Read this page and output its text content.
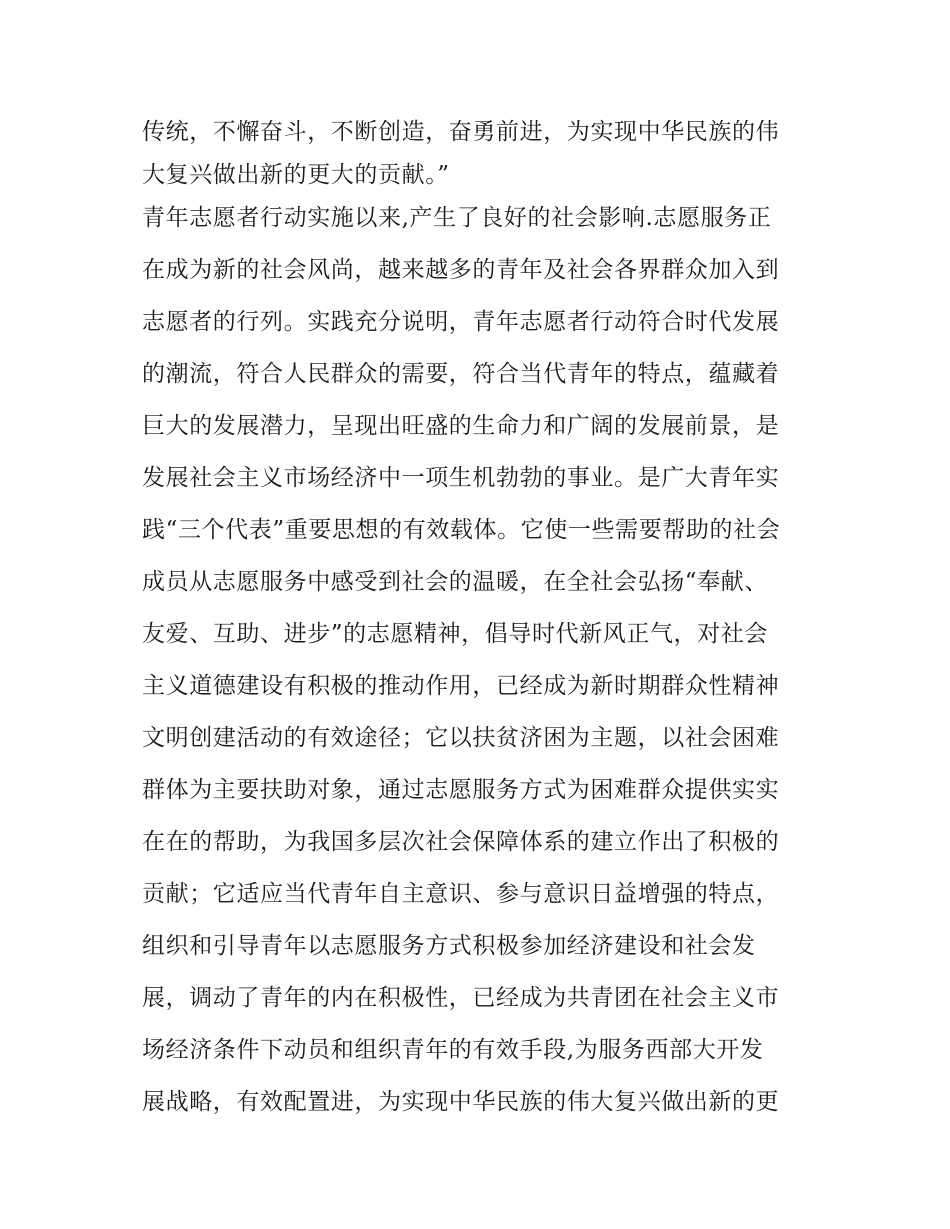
传统，不懈奋斗，不断创造，奋勇前进，为实现中华民族的伟
大复兴做出新的更大的贡献。”
青年志愿者行动实施以来,产生了良好的社会影响.志愿服务正
在成为新的社会风尚，越来越多的青年及社会各界群众加入到
志愿者的行列。实践充分说明，青年志愿者行动符合时代发展
的潮流，符合人民群众的需要，符合当代青年的特点，蕴藏着
巨大的发展潜力，呈现出旺盛的生命力和广阔的发展前景，是
发展社会主义市场经济中一项生机勃勃的事业。是广大青年实
践“三个代表”重要思想的有效载体。它使一些需要帮助的社会
成员从志愿服务中感受到社会的温暖，在全社会弘扬“奉献、
友爱、互助、进步”的志愿精神，倡导时代新风正气，对社会
主义道德建设有积极的推动作用，已经成为新时期群众性精神
文明创建活动的有效途径；它以扶贫济困为主题，以社会困难
群体为主要扶助对象，通过志愿服务方式为困难群众提供实实
在在的帮助，为我国多层次社会保障体系的建立作出了积极的
贡献；它适应当代青年自主意识、参与意识日益增强的特点，
组织和引导青年以志愿服务方式积极参加经济建设和社会发
展，调动了青年的内在积极性，已经成为共青团在社会主义市
场经济条件下动员和组织青年的有效手段,为服务西部大开发
展战略，有效配置进，为实现中华民族的伟大复兴做出新的更
